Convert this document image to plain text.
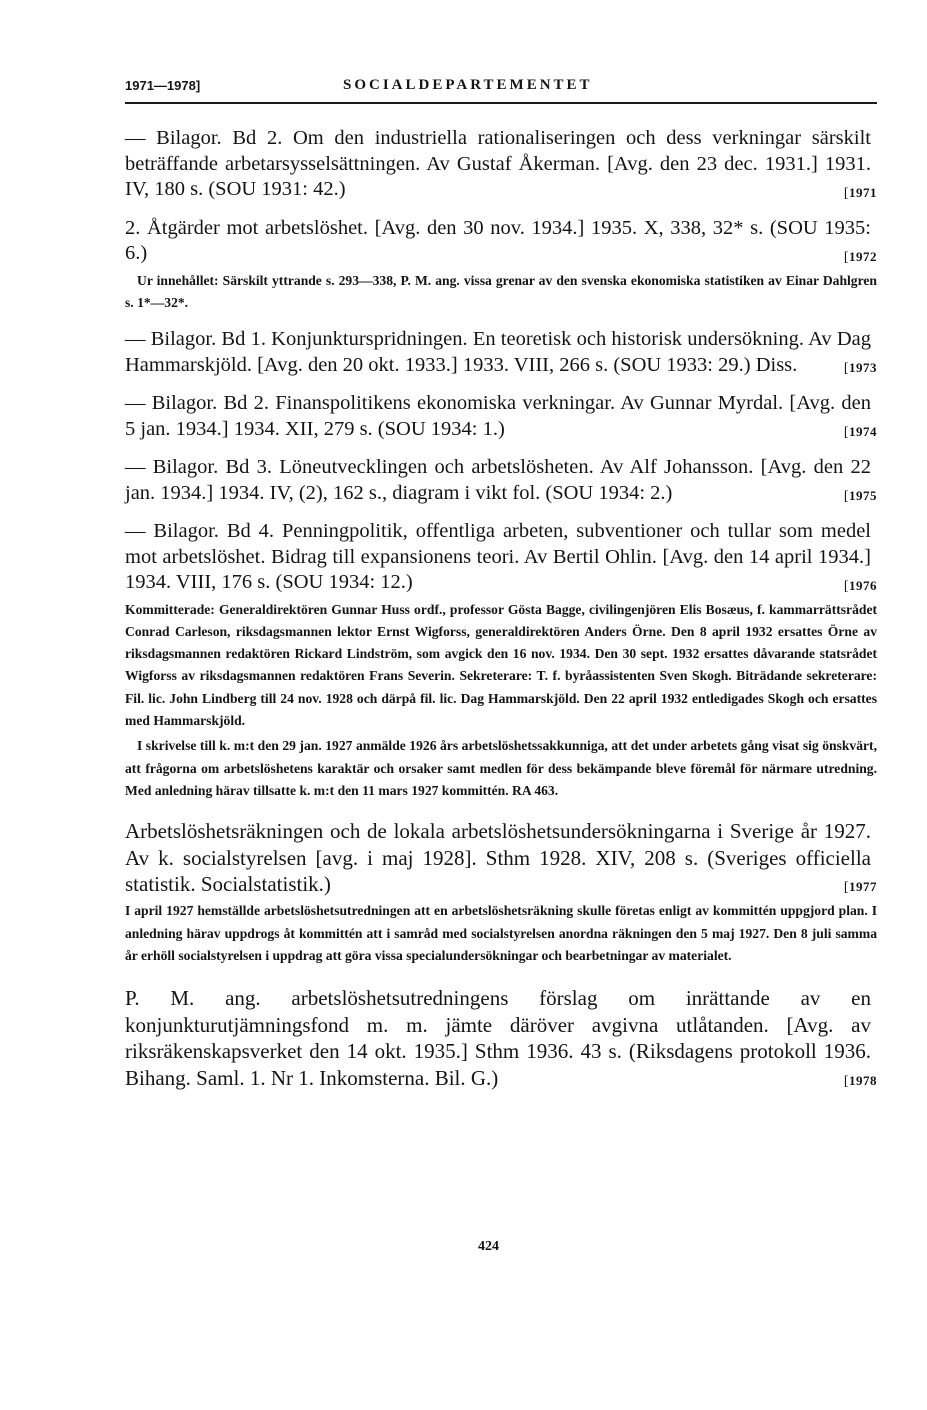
1971—1978]	SOCIALDEPARTEMENTET
— Bilagor. Bd 2. Om den industriella rationaliseringen och dess verkningar särskilt beträffande arbetarsysselsättningen. Av Gustaf Åkerman. [Avg. den 23 dec. 1931.] 1931. IV, 180 s. (SOU 1931: 42.)	[1971
2. Åtgärder mot arbetslöshet. [Avg. den 30 nov. 1934.] 1935. X, 338, 32* s. (SOU 1935: 6.)	[1972
Ur innehållet: Särskilt yttrande s. 293—338, P. M. ang. vissa grenar av den svenska ekonomiska statistiken av Einar Dahlgren s. 1*—32*.
— Bilagor. Bd 1. Konjunkturspridningen. En teoretisk och historisk undersökning. Av Dag Hammarskjöld. [Avg. den 20 okt. 1933.] 1933. VIII, 266 s. (SOU 1933: 29.) Diss.	[1973
— Bilagor. Bd 2. Finanspolitikens ekonomiska verkningar. Av Gunnar Myrdal. [Avg. den 5 jan. 1934.] 1934. XII, 279 s. (SOU 1934: 1.)	[1974
— Bilagor. Bd 3. Löneutvecklingen och arbetslösheten. Av Alf Johansson. [Avg. den 22 jan. 1934.] 1934. IV, (2), 162 s., diagram i vikt fol. (SOU 1934: 2.)	[1975
— Bilagor. Bd 4. Penningpolitik, offentliga arbeten, subventioner och tullar som medel mot arbetslöshet. Bidrag till expansionens teori. Av Bertil Ohlin. [Avg. den 14 april 1934.] 1934. VIII, 176 s. (SOU 1934: 12.)	[1976
Kommitterade: Generaldirektören Gunnar Huss ordf., professor Gösta Bagge, civilingenjören Elis Bosæus, f. kammarrättsrådet Conrad Carleson, riksdagsmannen lektor Ernst Wigforss, generaldirektören Anders Örne. Den 8 april 1932 ersattes Örne av riksdagsmannen redaktören Rickard Lindström, som avgick den 16 nov. 1934. Den 30 sept. 1932 ersattes dåvarande statsrådet Wigforss av riksdagsmannen redaktören Frans Severin. Sekreterare: T. f. byråassistenten Sven Skogh. Biträdande sekreterare: Fil. lic. John Lindberg till 24 nov. 1928 och därpå fil. lic. Dag Hammarskjöld. Den 22 april 1932 entledigades Skogh och ersattes med Hammarskjöld.
I skrivelse till k. m:t den 29 jan. 1927 anmälde 1926 års arbetslöshetssakkunniga, att det under arbetets gång visat sig önskvärt, att frågorna om arbetslöshetens karaktär och orsaker samt medlen för dess bekämpande bleve föremål för närmare utredning. Med anledning härav tillsatte k. m:t den 11 mars 1927 kommittén. RA 463.
Arbetslöshetsräkningen och de lokala arbetslöshetsundersökningarna i Sverige år 1927. Av k. socialstyrelsen [avg. i maj 1928]. Sthm 1928. XIV, 208 s. (Sveriges officiella statistik. Socialstatistik.)	[1977
I april 1927 hemställde arbetslöshetsutredningen att en arbetslöshetsräkning skulle företas enligt av kommittén uppgjord plan. I anledning härav uppdrogs åt kommittén att i samråd med socialstyrelsen anordna räkningen den 5 maj 1927. Den 8 juli samma år erhöll socialstyrelsen i uppdrag att göra vissa specialundersökningar och bearbetningar av materialet.
P. M. ang. arbetslöshetsutredningens förslag om inrättande av en konjunkturutjämningsfond m. m. jämte däröver avgivna utlåtanden. [Avg. av riksräkenskapsverket den 14 okt. 1935.] Sthm 1936. 43 s. (Riksdagens protokoll 1936. Bihang. Saml. 1. Nr 1. Inkomsterna. Bil. G.)	[1978
424
